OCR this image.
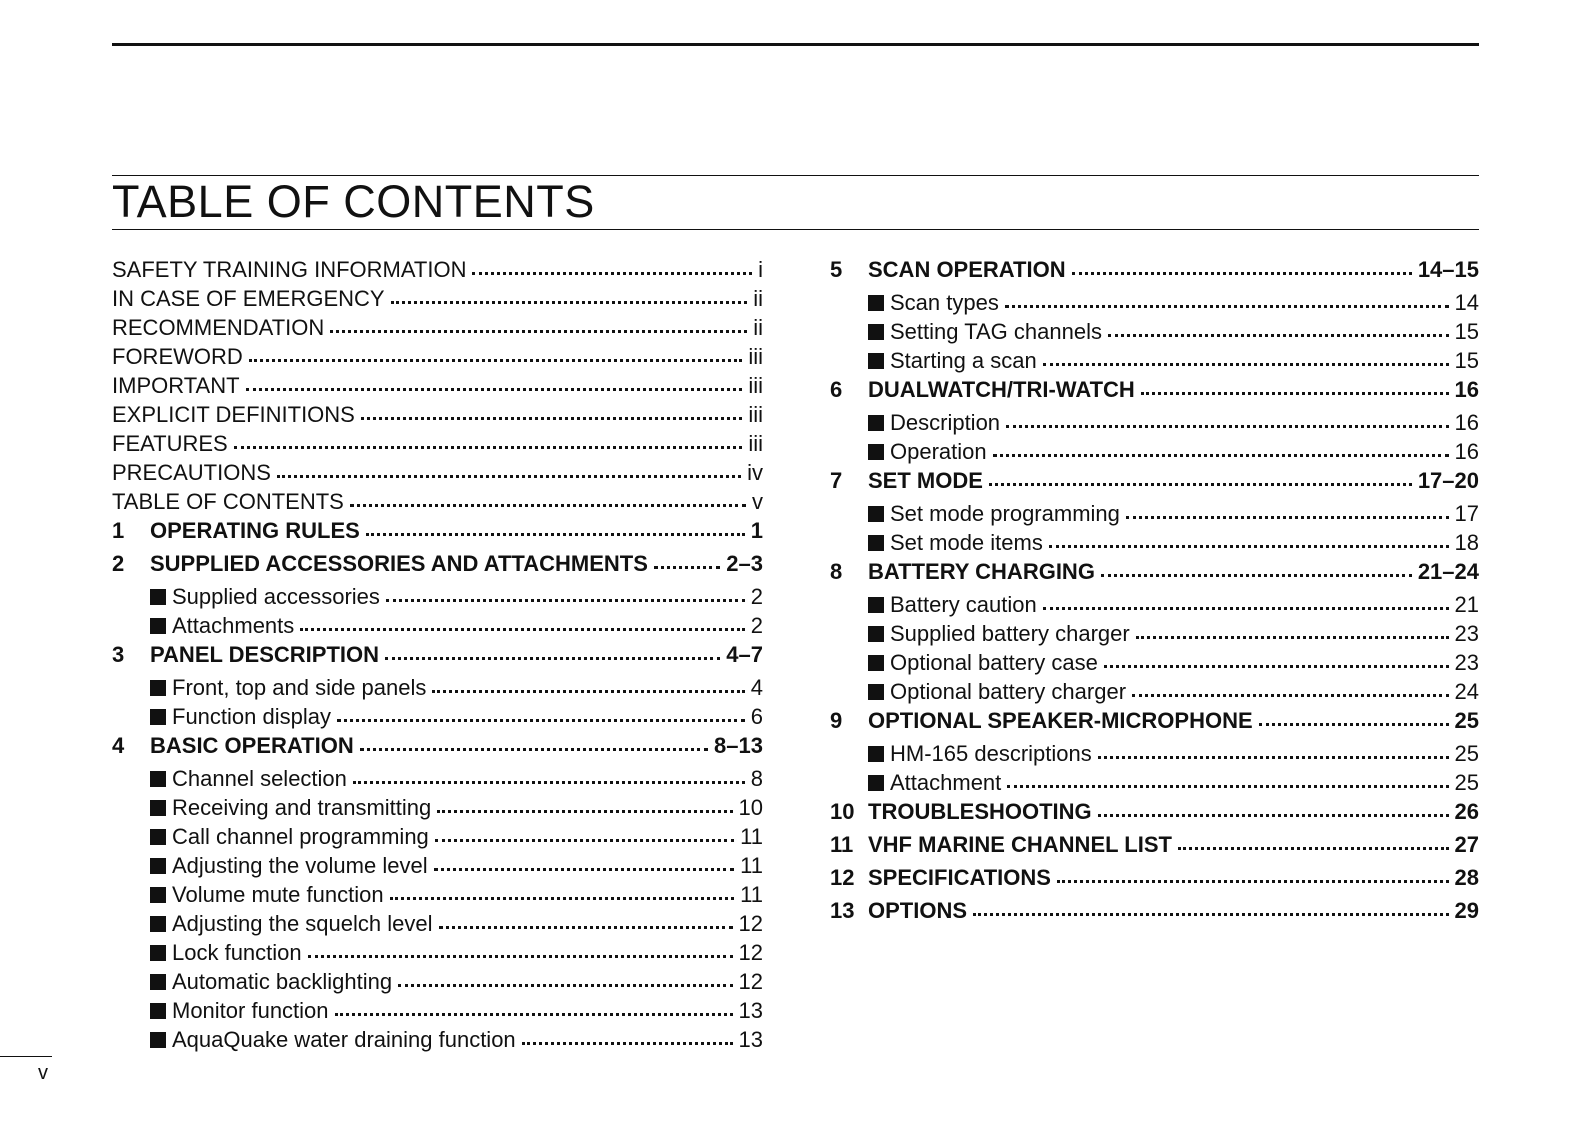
TABLE OF CONTENTS
SAFETY TRAINING INFORMATION	i
IN CASE OF EMERGENCY	ii
RECOMMENDATION	ii
FOREWORD	iii
IMPORTANT	iii
EXPLICIT DEFINITIONS	iii
FEATURES	iii
PRECAUTIONS	iv
TABLE OF CONTENTS	v
1	OPERATING RULES	1
2	SUPPLIED ACCESSORIES AND ATTACHMENTS	2–3
Supplied accessories	2
Attachments	2
3	PANEL DESCRIPTION	4–7
Front, top and side panels	4
Function display	6
4	BASIC OPERATION	8–13
Channel selection	8
Receiving and transmitting	10
Call channel programming	11
Adjusting the volume level	11
Volume mute function	11
Adjusting the squelch level	12
Lock function	12
Automatic backlighting	12
Monitor function	13
AquaQuake water draining function	13
5	SCAN OPERATION	14–15
Scan types	14
Setting TAG channels	15
Starting a scan	15
6	DUALWATCH/TRI-WATCH	16
Description	16
Operation	16
7	SET MODE	17–20
Set mode programming	17
Set mode items	18
8	BATTERY CHARGING	21–24
Battery caution	21
Supplied battery charger	23
Optional battery case	23
Optional battery charger	24
9	OPTIONAL SPEAKER-MICROPHONE	25
HM-165 descriptions	25
Attachment	25
10 TROUBLESHOOTING	26
11 VHF MARINE CHANNEL LIST	27
12 SPECIFICATIONS	28
13 OPTIONS	29
v
